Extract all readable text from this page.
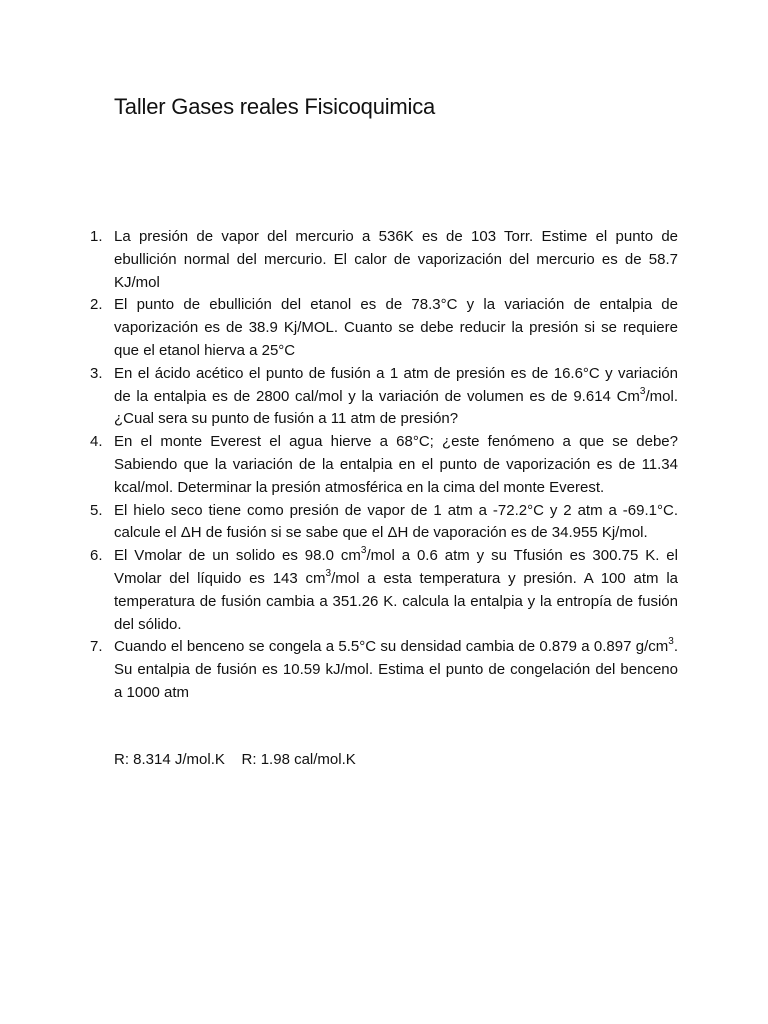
Taller Gases reales Fisicoquimica
1. La presión de vapor del mercurio a 536K es de 103 Torr. Estime el punto de ebullición normal del mercurio. El calor de vaporización del mercurio es de 58.7 KJ/mol
2. El punto de ebullición del etanol es de 78.3°C y la variación de entalpia de vaporización es de 38.9 Kj/MOL. Cuanto se debe reducir la presión si se requiere que el etanol hierva a 25°C
3. En el ácido acético el punto de fusión a 1 atm de presión es de 16.6°C y variación de la entalpia es de 2800 cal/mol y la variación de volumen es de 9.614 Cm$^3$/mol. ¿Cual sera su punto de fusión a 11 atm de presión?
4. En el monte Everest el agua hierve a 68°C; ¿este fenómeno a que se debe? Sabiendo que la variación de la entalpia en el punto de vaporización es de 11.34 kcal/mol. Determinar la presión atmosférica en la cima del monte Everest.
5. El hielo seco tiene como presión de vapor de 1 atm a -72.2°C y 2 atm a -69.1°C. calcule el ΔH de fusión si se sabe que el ΔH de vaporación es de 34.955 Kj/mol.
6. El Vmolar de un solido es 98.0 $cm^3$/mol a 0.6 atm y su Tfusión es 300.75 K. el Vmolar del líquido es 143 $cm^3$/mol a esta temperatura y presión. A 100 atm la temperatura de fusión cambia a 351.26 K. calcula la entalpia y la entropía de fusión del sólido.
7. Cuando el benceno se congela a 5.5°C su densidad cambia de 0.879 a 0.897 $g/cm^3$. Su entalpia de fusión es 10.59 kJ/mol. Estima el punto de congelación del benceno a 1000 atm

R: 8.314 J/mol.K    R: 1.98 cal/mol.K
